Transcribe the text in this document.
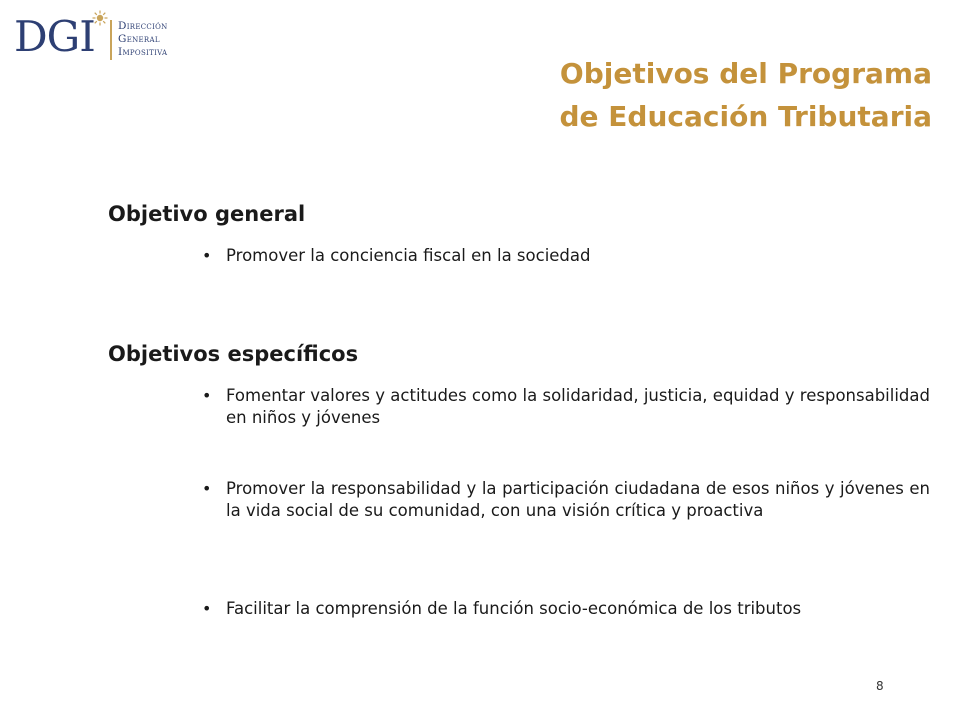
DGI Dirección
General
Impositiva
Objetivos del Programa
de Educación Tributaria
Objetivo general
• Promover la conciencia fiscal en la sociedad
Objetivos específicos
• Fomentar valores y actitudes como la solidaridad, justicia, equidad y responsabilidad en niños y jóvenes
• Promover la responsabilidad y la participación ciudadana de esos niños y jóvenes en la vida social de su comunidad, con una visión crítica y proactiva
• Facilitar la comprensión de la función socio-económica de los tributos
8
